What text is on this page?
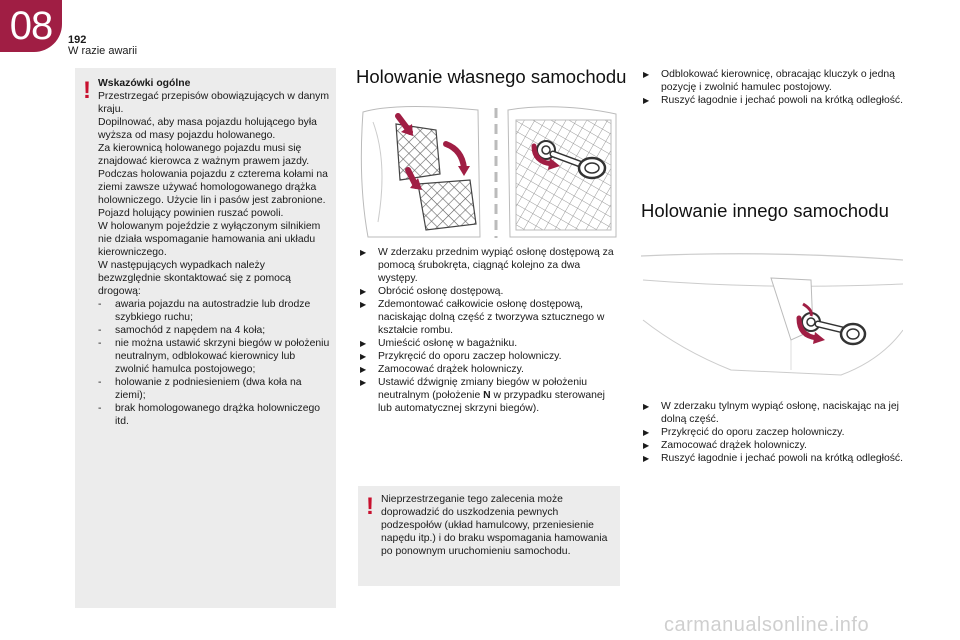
08	192
W razie awarii
! Wskazówki ogólne

Przestrzegać przepisów obowiązujących w danym kraju.

Dopilnować, aby masa pojazdu holującego była wyższa od masy pojazdu holowanego.

Za kierownicą holowanego pojazdu musi się znajdować kierowca z ważnym prawem jazdy.

Podczas holowania pojazdu z czterema kołami na ziemi zawsze używać homologowanego drążka holowniczego. Użycie lin i pasów jest zabronione.

Pojazd holujący powinien ruszać powoli.

W holowanym pojeździe z wyłączonym silnikiem nie działa wspomaganie hamowania ani układu kierowniczego.

W następujących wypadkach należy bezwzględnie skontaktować się z pomocą drogową:

- awaria pojazdu na autostradzie lub drodze szybkiego ruchu;
- samochód z napędem na 4 koła;
- nie można ustawić skrzyni biegów w położeniu neutralnym, odblokować kierownicy lub zwolnić hamulca postojowego;
- holowanie z podniesieniem (dwa koła na ziemi);
- brak homologowanego drążka holowniczego itd.
Holowanie własnego samochodu
▶ W zderzaku przednim wypiąć osłonę dostępową za pomocą śrubokręta, ciągnąć kolejno za dwa występy.
▶ Obrócić osłonę dostępową.
▶ Zdemontować całkowicie osłonę dostępową, naciskając dolną część z tworzywa sztucznego w kształcie rombu.
▶ Umieścić osłonę w bagażniku.
▶ Przykręcić do oporu zaczep holowniczy.
▶ Zamocować drążek holowniczy.
▶ Ustawić dźwignię zmiany biegów w położeniu neutralnym (położenie N w przypadku sterowanej lub automatycznej skrzyni biegów).
! Nieprzestrzeganie tego zalecenia może doprowadzić do uszkodzenia pewnych podzespołów (układ hamulcowy, przeniesienie napędu itp.) i do braku wspomagania hamowania po ponownym uruchomieniu samochodu.
▶ Odblokować kierownicę, obracając kluczyk o jedną pozycję i zwolnić hamulec postojowy.
▶ Ruszyć łagodnie i jechać powoli na krótką odległość.
Holowanie innego samochodu
▶ W zderzaku tylnym wypiąć osłonę, naciskając na jej dolną część.
▶ Przykręcić do oporu zaczep holowniczy.
▶ Zamocować drążek holowniczy.
▶ Ruszyć łagodnie i jechać powoli na krótką odległość.
carmanualsonline.info
